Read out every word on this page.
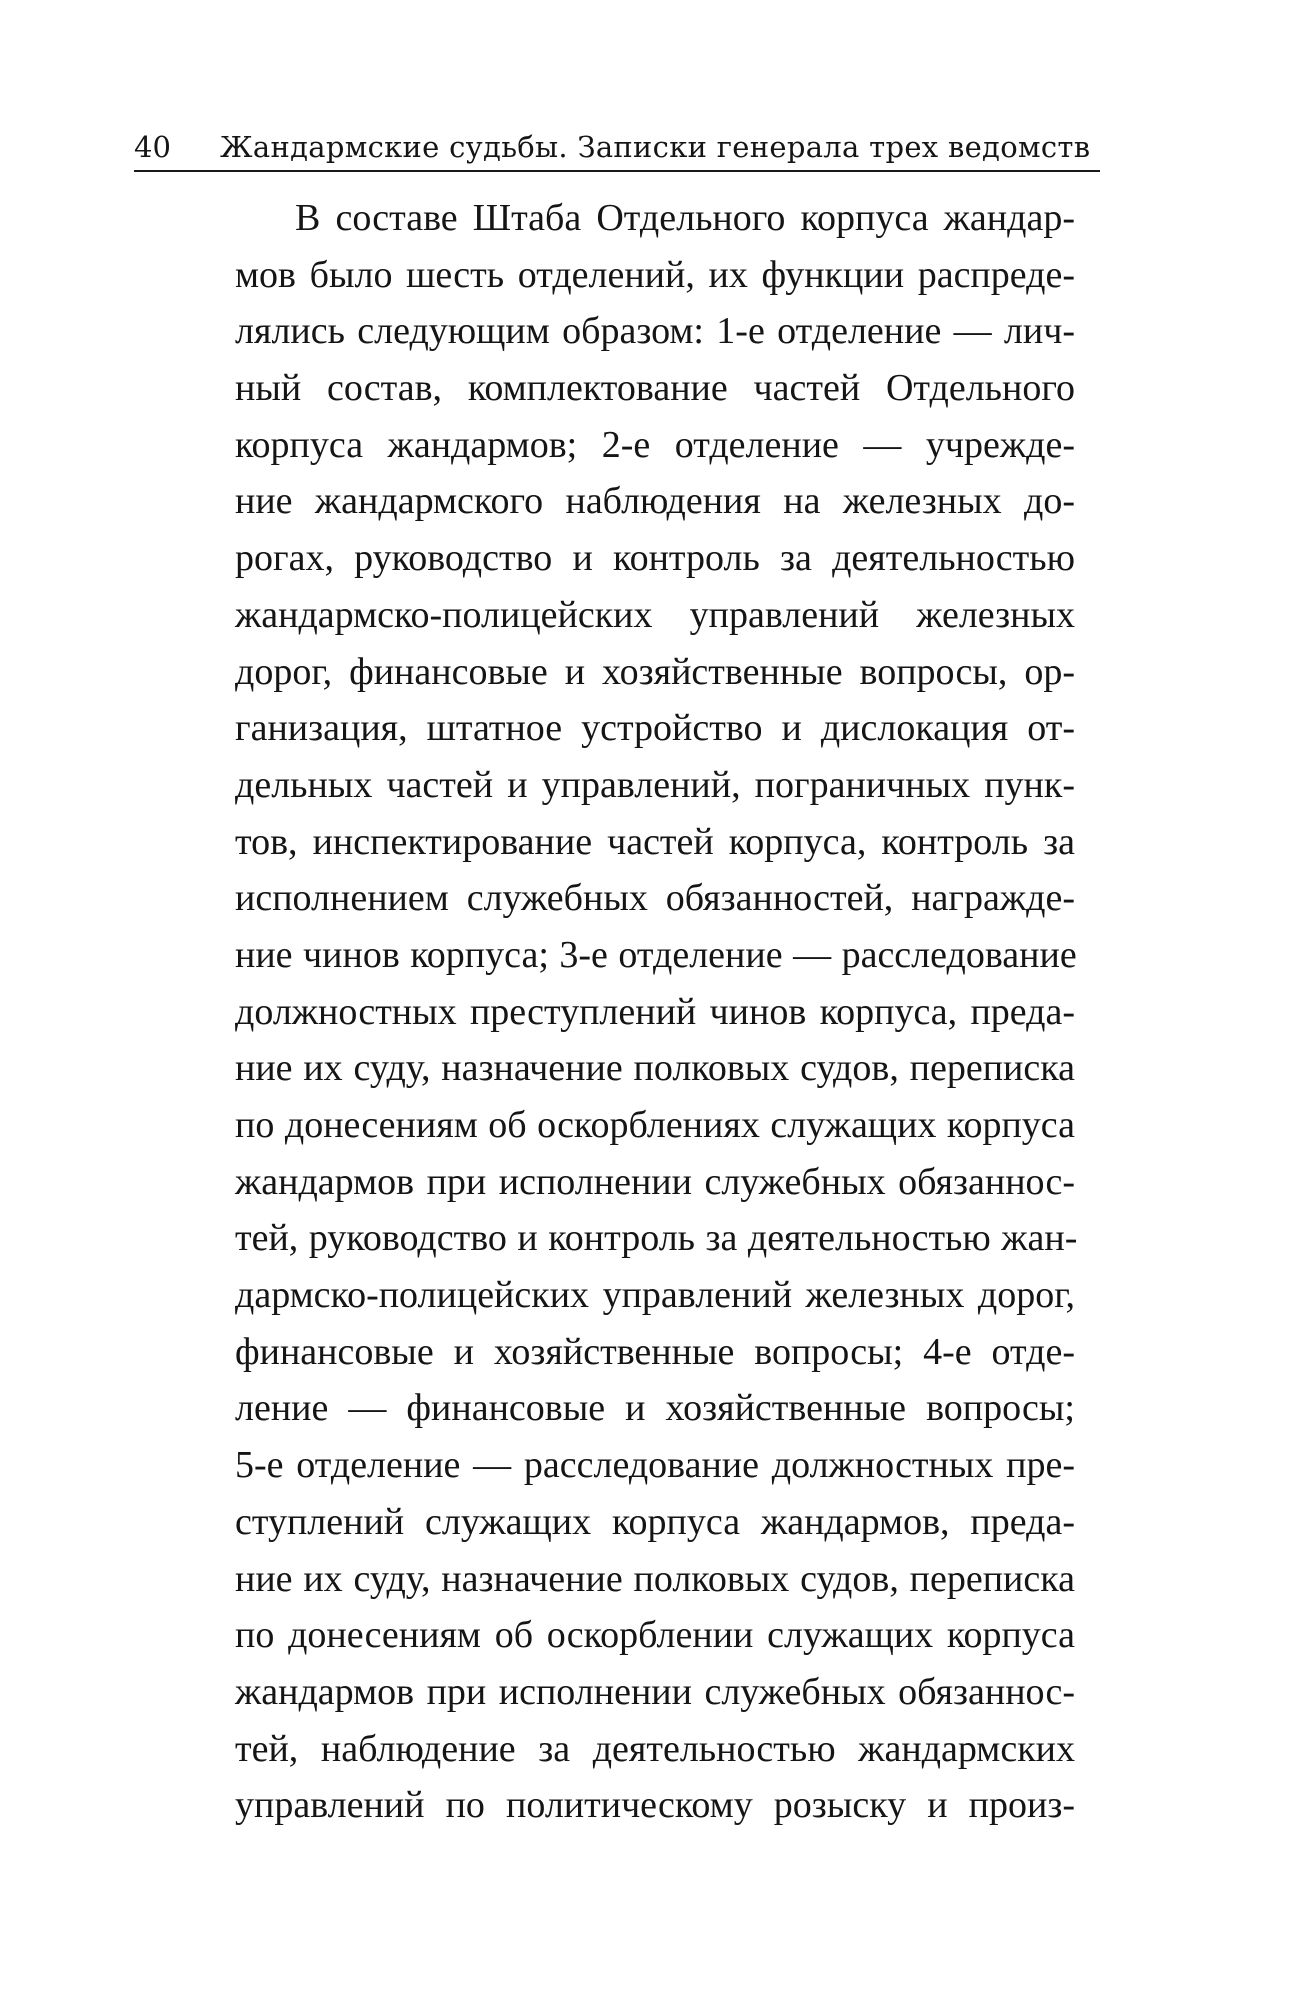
40 Жандармские судьбы. Записки генерала трех ведомств
В составе Штаба Отдельного корпуса жандар-
мов было шесть отделений, их функции распреде-
лялись следующим образом: 1-е отделение — лич-
ный состав, комплектование частей Отдельного
корпуса жандармов; 2-е отделение — учрежде-
ние жандармского наблюдения на железных до-
рогах, руководство и контроль за деятельностью
жандармско-полицейских управлений железных
дорог, финансовые и хозяйственные вопросы, ор-
ганизация, штатное устройство и дислокация от-
дельных частей и управлений, пограничных пунк-
тов, инспектирование частей корпуса, контроль за
исполнением служебных обязанностей, награжде-
ние чинов корпуса; 3-е отделение — расследование
должностных преступлений чинов корпуса, преда-
ние их суду, назначение полковых судов, переписка
по донесениям об оскорблениях служащих корпуса
жандармов при исполнении служебных обязаннос-
тей, руководство и контроль за деятельностью жан-
дармско-полицейских управлений железных дорог,
финансовые и хозяйственные вопросы; 4-е отде-
ление — финансовые и хозяйственные вопросы;
5-е отделение — расследование должностных пре-
ступлений служащих корпуса жандармов, преда-
ние их суду, назначение полковых судов, переписка
по донесениям об оскорблении служащих корпуса
жандармов при исполнении служебных обязаннос-
тей, наблюдение за деятельностью жандармских
управлений по политическому розыску и произ-
